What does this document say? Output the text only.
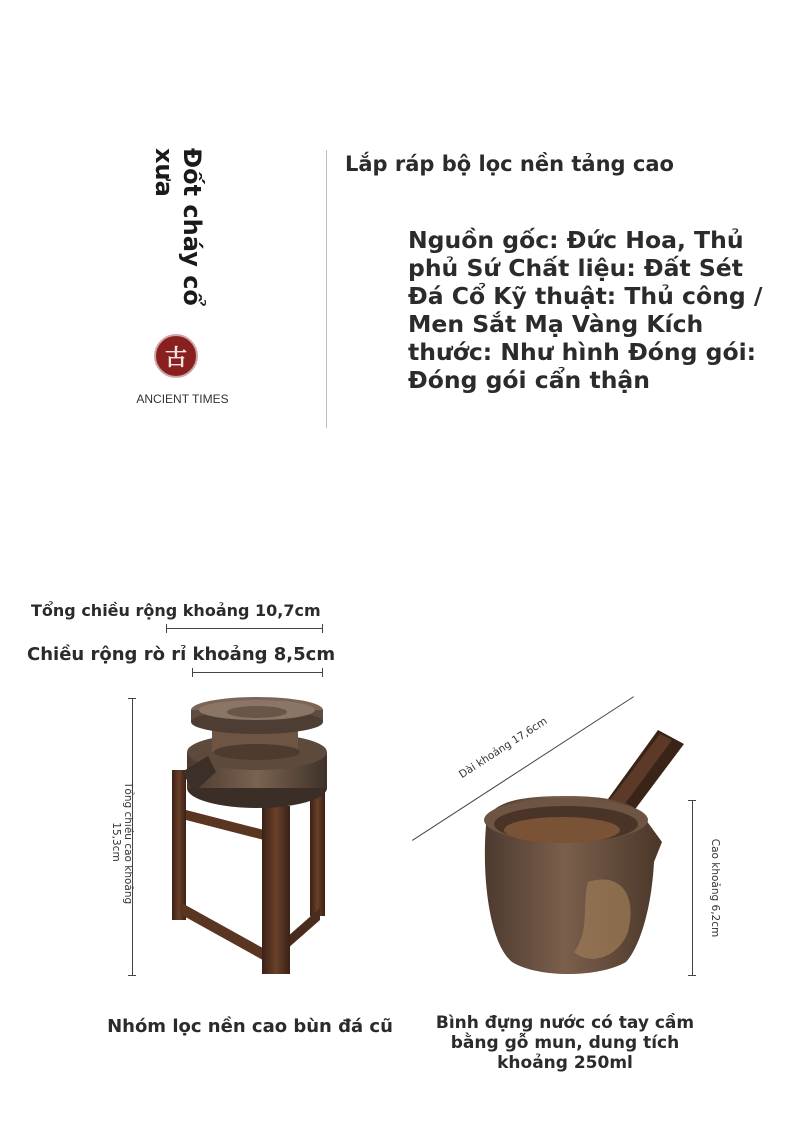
Đốt cháy cổ
xưa
古
ANCIENT TIMES
Lắp ráp bộ lọc nền tảng cao
Nguồn gốc: Đức Hoa, Thủ phủ Sứ Chất liệu: Đất Sét Đá Cổ Kỹ thuật: Thủ công / Men Sắt Mạ Vàng Kích thước: Như hình Đóng gói: Đóng gói cẩn thận
Tổng chiều rộng khoảng 10,7cm
Chiều rộng rò rỉ khoảng 8,5cm
Tổng chiều cao khoảng
15,3cm
Nhóm lọc nền cao bùn đá cũ
Dài khoảng 17,6cm
Cao khoảng 6,2cm
Bình đựng nước có tay cầm bằng gỗ mun, dung tích khoảng 250ml
